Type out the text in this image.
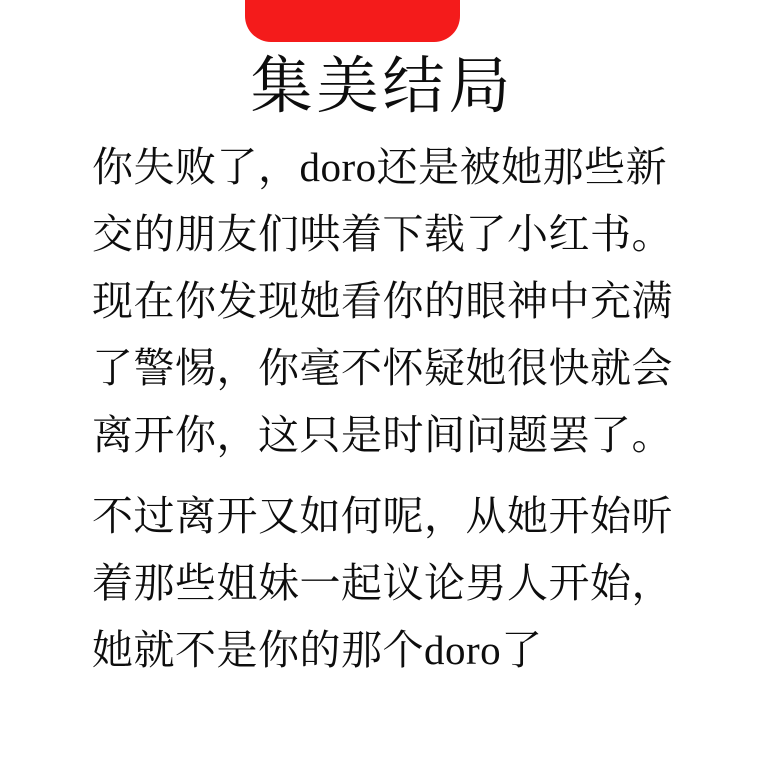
集美结局

你失败了，doro还是被她那些新交的朋友们哄着下载了小红书。现在你发现她看你的眼神中充满了警惕，你毫不怀疑她很快就会离开你，这只是时间问题罢了。

不过离开又如何呢，从她开始听着那些姐妹一起议论男人开始，她就不是你的那个doro了
